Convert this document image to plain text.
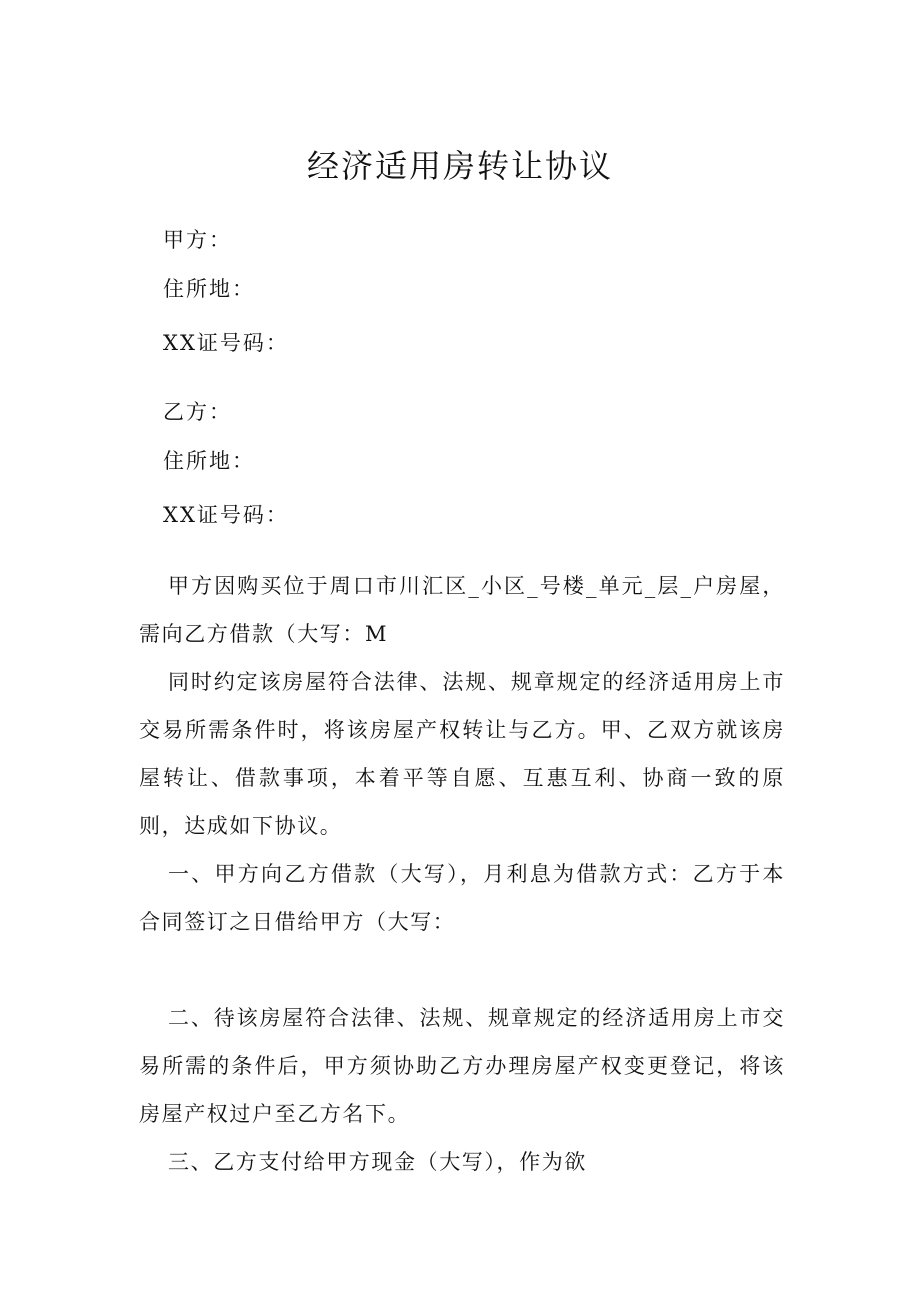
经济适用房转让协议
甲方：
住所地：
XX证号码：
乙方：
住所地：
XX证号码：
甲方因购买位于周口市川汇区_小区_号楼_单元_层_户房屋，需向乙方借款（大写：M
同时约定该房屋符合法律、法规、规章规定的经济适用房上市交易所需条件时，将该房屋产权转让与乙方。甲、乙双方就该房屋转让、借款事项，本着平等自愿、互惠互利、协商一致的原则，达成如下协议。
一、甲方向乙方借款（大写），月利息为借款方式：乙方于本合同签订之日借给甲方（大写：
二、待该房屋符合法律、法规、规章规定的经济适用房上市交易所需的条件后，甲方须协助乙方办理房屋产权变更登记，将该房屋产权过户至乙方名下。
三、乙方支付给甲方现金（大写），作为欲
